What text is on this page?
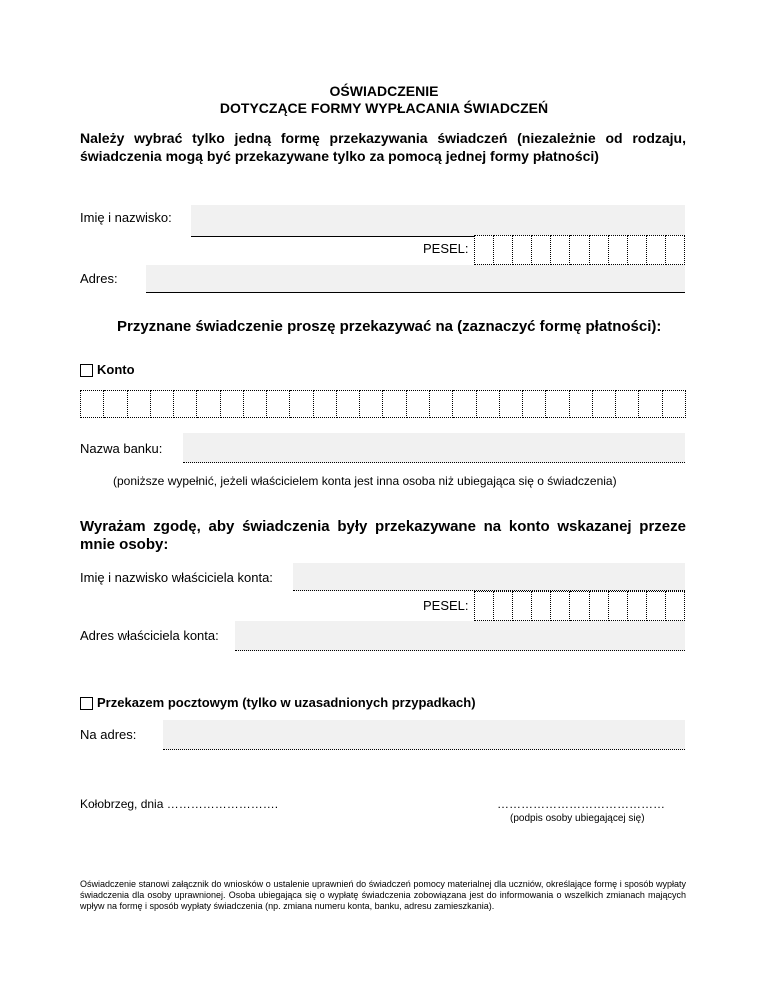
OŚWIADCZENIE
DOTYCZĄCE FORMY WYPŁACANIA ŚWIADCZEŃ
Należy wybrać tylko jedną formę przekazywania świadczeń (niezależnie od rodzaju, świadczenia mogą być przekazywane tylko za pomocą jednej formy płatności)
Imię i nazwisko:
PESEL:
Adres:
Przyznane świadczenie proszę przekazywać na (zaznaczyć formę płatności):
Konto
Nazwa banku:
(poniższe wypełnić, jeżeli właścicielem konta jest inna osoba niż ubiegająca się o świadczenia)
Wyrażam zgodę, aby świadczenia były przekazywane na konto wskazanej przeze mnie osoby:
Imię i nazwisko właściciela konta:
PESEL:
Adres właściciela konta:
Przekazem pocztowym (tylko w uzasadnionych przypadkach)
Na adres:
Kołobrzeg, dnia ……………………….	……………………………………
(podpis osoby ubiegającej się)
Oświadczenie stanowi załącznik do wniosków o ustalenie uprawnień do świadczeń pomocy materialnej dla uczniów, określające formę i sposób wypłaty świadczenia dla osoby uprawnionej. Osoba ubiegająca się o wypłatę świadczenia zobowiązana jest do informowania o wszelkich zmianach mających wpływ na formę i sposób wypłaty świadczenia (np. zmiana numeru konta, banku, adresu zamieszkania).
